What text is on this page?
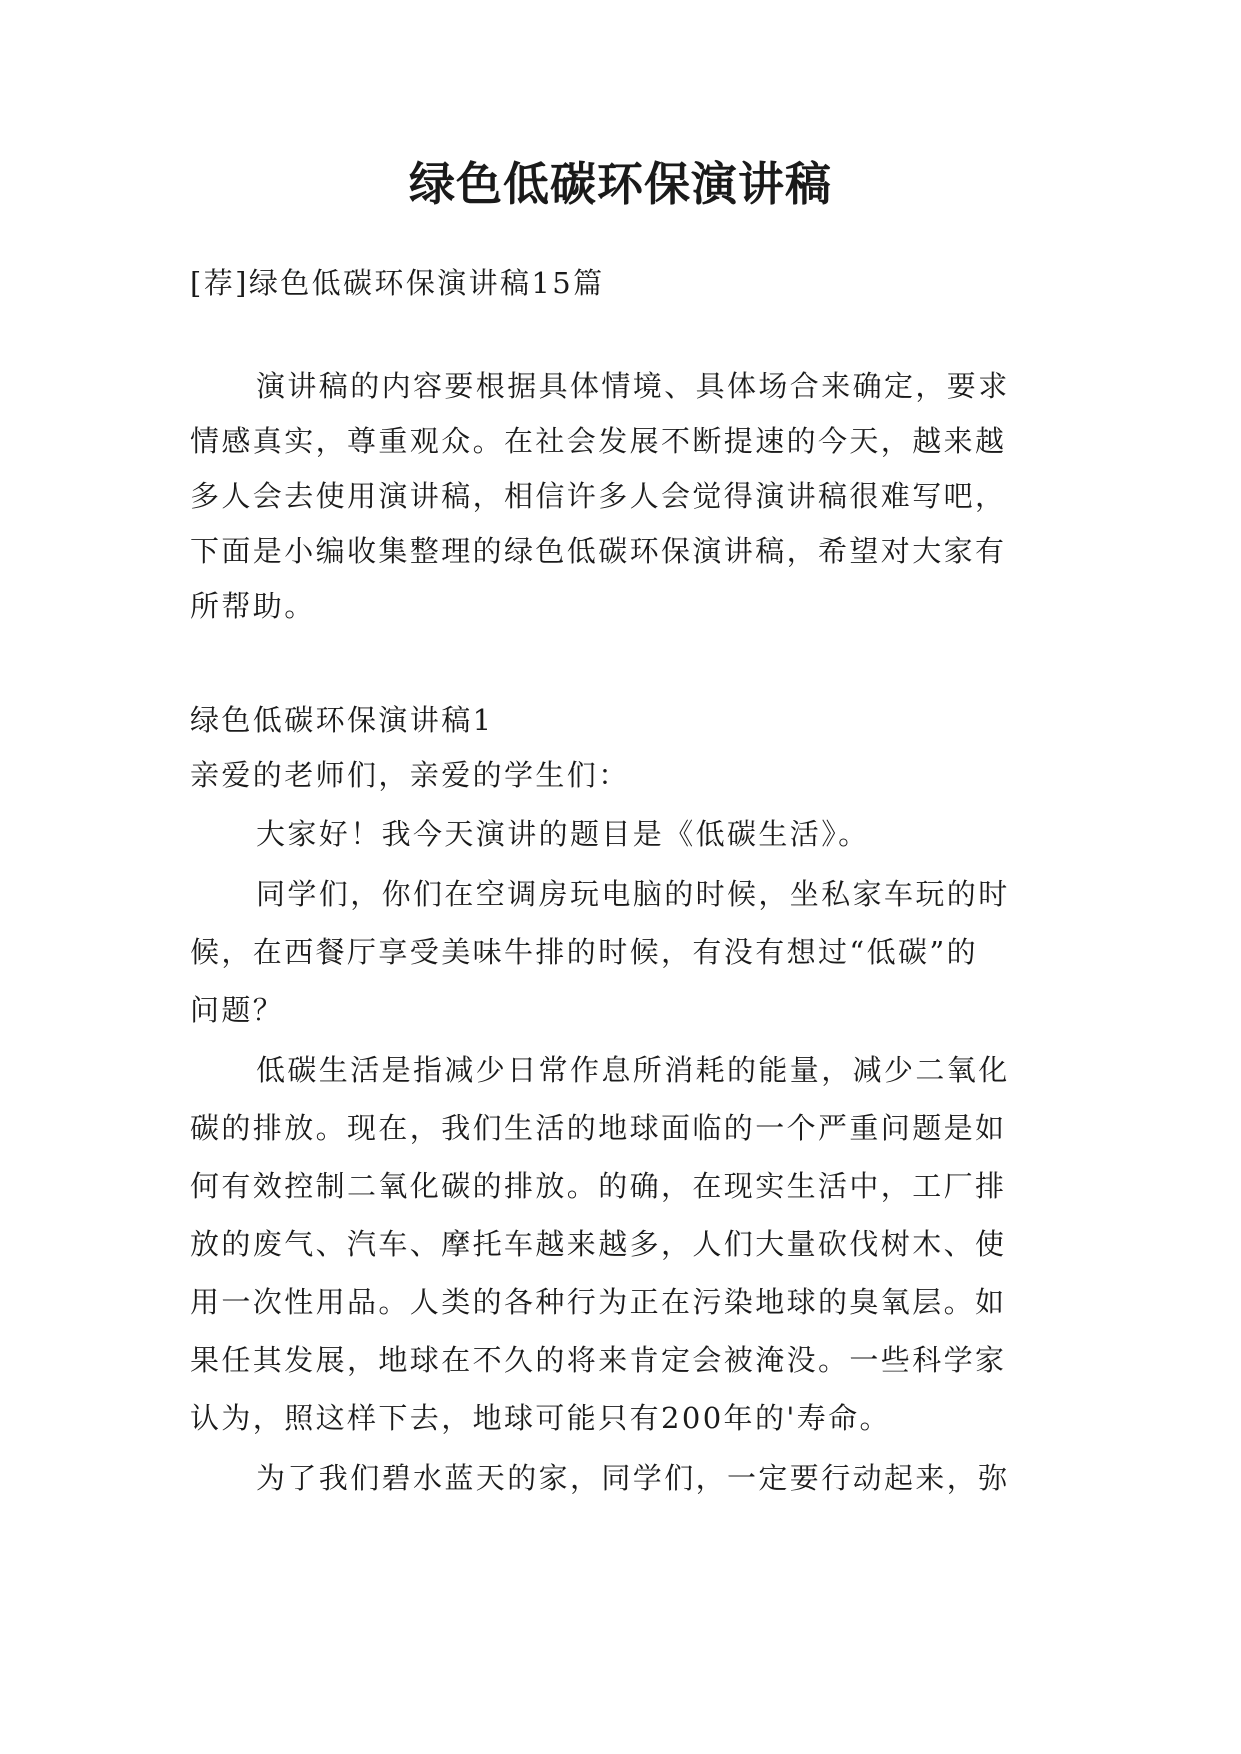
绿色低碳环保演讲稿

[荐]绿色低碳环保演讲稿15篇

演讲稿的内容要根据具体情境、具体场合来确定，要求

情感真实，尊重观众。在社会发展不断提速的今天，越来越

多人会去使用演讲稿，相信许多人会觉得演讲稿很难写吧，

下面是小编收集整理的绿色低碳环保演讲稿，希望对大家有

所帮助。

绿色低碳环保演讲稿1

亲爱的老师们，亲爱的学生们：

大家好！我今天演讲的题目是《低碳生活》。

同学们，你们在空调房玩电脑的时候，坐私家车玩的时

候，在西餐厅享受美味牛排的时候，有没有想过“低碳”的

问题？

低碳生活是指减少日常作息所消耗的能量，减少二氧化

碳的排放。现在，我们生活的地球面临的一个严重问题是如

何有效控制二氧化碳的排放。的确，在现实生活中，工厂排

放的废气、汽车、摩托车越来越多，人们大量砍伐树木、使

用一次性用品。人类的各种行为正在污染地球的臭氧层。如

果任其发展，地球在不久的将来肯定会被淹没。一些科学家

认为，照这样下去，地球可能只有200年的'寿命。

为了我们碧水蓝天的家，同学们，一定要行动起来，弥
